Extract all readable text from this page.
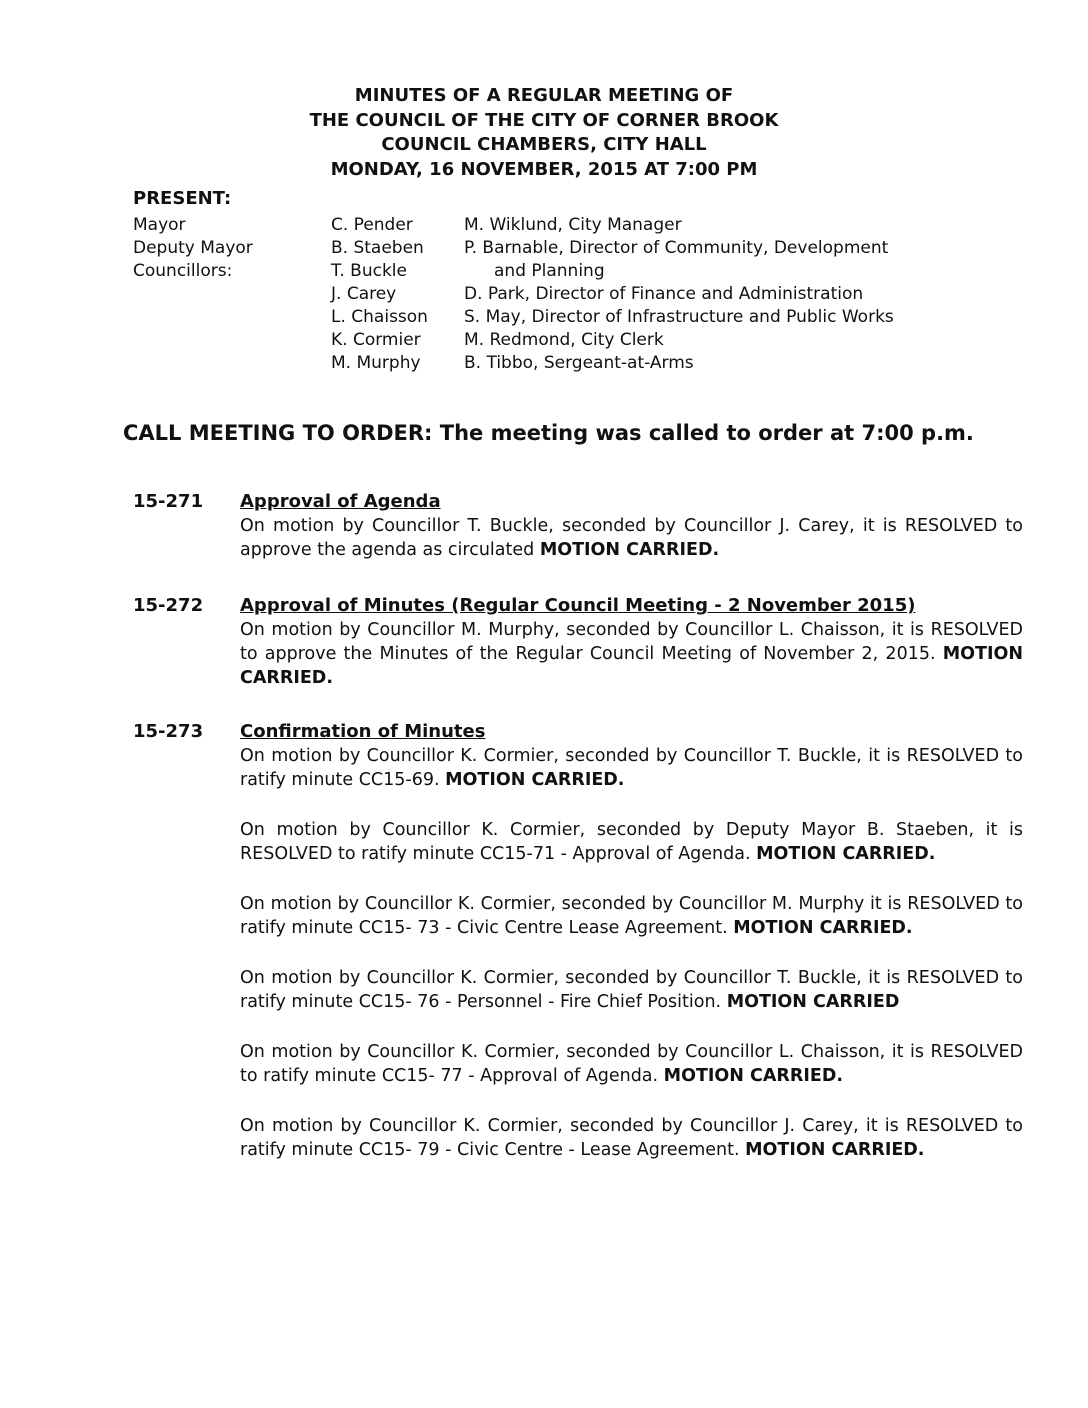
MINUTES OF A REGULAR MEETING OF
THE COUNCIL OF THE CITY OF CORNER BROOK
COUNCIL CHAMBERS, CITY HALL
MONDAY, 16 NOVEMBER, 2015 AT 7:00 PM
PRESENT:
Mayor
Deputy Mayor
Councillors:
C. Pender
B. Staeben
T. Buckle
J. Carey
L. Chaisson
K. Cormier
M. Murphy
M. Wiklund, City Manager
P. Barnable, Director of Community, Development
and Planning
D. Park, Director of Finance and Administration
S. May, Director of Infrastructure and Public Works
M. Redmond, City Clerk
B. Tibbo, Sergeant-at-Arms
CALL MEETING TO ORDER: The meeting was called to order at 7:00 p.m.
15-271 Approval of Agenda

On motion by Councillor T. Buckle, seconded by Councillor J. Carey, it is RESOLVED to approve the agenda as circulated MOTION CARRIED.

15-272 Approval of Minutes (Regular Council Meeting - 2 November 2015)

On motion by Councillor M. Murphy, seconded by Councillor L. Chaisson, it is RESOLVED to approve the Minutes of the Regular Council Meeting of November 2, 2015. MOTION CARRIED.

15-273 Confirmation of Minutes

On motion by Councillor K. Cormier, seconded by Councillor T. Buckle, it is RESOLVED to ratify minute CC15-69. MOTION CARRIED.

On motion by Councillor K. Cormier, seconded by Deputy Mayor B. Staeben, it is RESOLVED to ratify minute CC15-71 - Approval of Agenda. MOTION CARRIED.

On motion by Councillor K. Cormier, seconded by Councillor M. Murphy it is RESOLVED to ratify minute CC15- 73 - Civic Centre Lease Agreement. MOTION CARRIED.

On motion by Councillor K. Cormier, seconded by Councillor T. Buckle, it is RESOLVED to ratify minute CC15- 76 - Personnel - Fire Chief Position. MOTION CARRIED

On motion by Councillor K. Cormier, seconded by Councillor L. Chaisson, it is RESOLVED to ratify minute CC15- 77 - Approval of Agenda. MOTION CARRIED.

On motion by Councillor K. Cormier, seconded by Councillor J. Carey, it is RESOLVED to ratify minute CC15- 79 - Civic Centre - Lease Agreement. MOTION CARRIED.
